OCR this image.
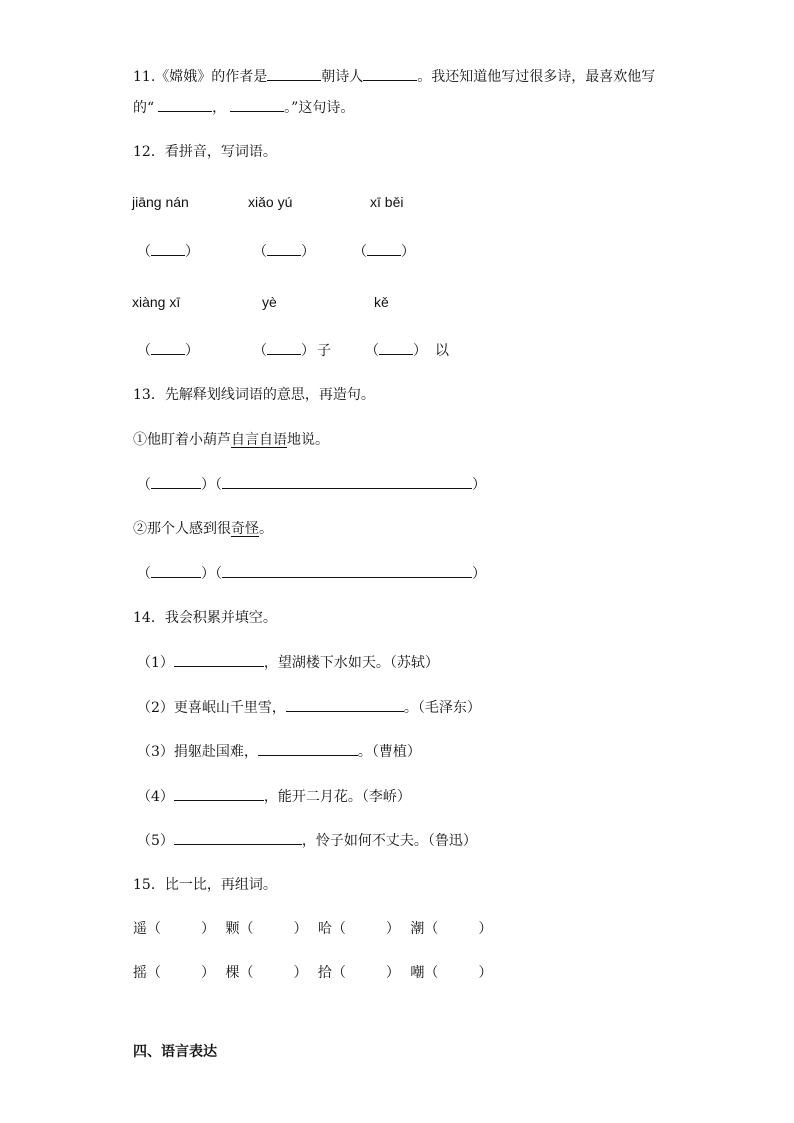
11.《嫦娥》的作者是	朝诗人	。我还知道他写过很多诗，最喜欢他写
的“	，	。”这句诗。
12．看拼音，写词语。
jiāng nán	xiǎo yú	xī běi
（ ）	（ ）	（ ）
xiàng xī	yè	kě
（ ）	（ ） 子 （ ） 以
13．先解释划线词语的意思，再造句。
①他盯着小葫芦自言自语地说。
（	）（	）
②那个人感到很奇怪。
（	）（	）
14．我会积累并填空。
（1）	，望湖楼下水如天。（苏轼）
（2）更喜岷山千里雪，	。（毛泽东）
（3）捐躯赴国难，	。（曹植）
（4）	，能开二月花。（李峤）
（5）	，怜子如何不丈夫。（鲁迅）
15．比一比，再组词。
遥（	） 颗（	） 哈（	） 潮（	）
摇（	） 棵（	） 拾（	） 嘲（	）
四、语言表达
